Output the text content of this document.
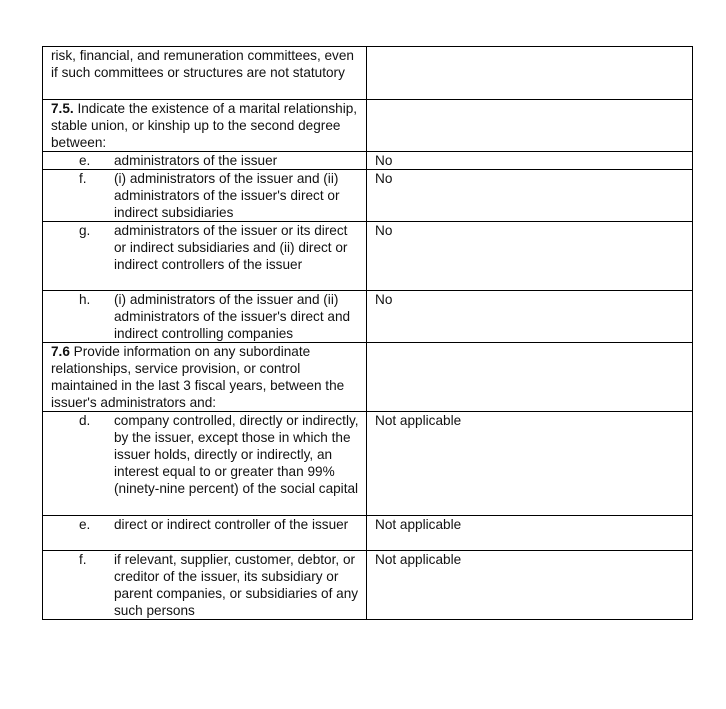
risk, financial, and remuneration committees, even if such committees or structures are not statutory	
7.5. Indicate the existence of a marital relationship, stable union, or kinship up to the second degree between:	

e. administrators of the issuer	No

f. (i) administrators of the issuer and (ii) administrators of the issuer's direct or indirect subsidiaries	No

g. administrators of the issuer or its direct or indirect subsidiaries and (ii) direct or indirect controllers of the issuer	No

h. (i) administrators of the issuer and (ii) administrators of the issuer's direct and indirect controlling companies	No
7.6 Provide information on any subordinate relationships, service provision, or control maintained in the last 3 fiscal years, between the issuer's administrators and:	

d. company controlled, directly or indirectly, by the issuer, except those in which the issuer holds, directly or indirectly, an interest equal to or greater than 99% (ninety-nine percent) of the social capital	Not applicable

e. direct or indirect controller of the issuer	Not applicable

f. if relevant, supplier, customer, debtor, or creditor of the issuer, its subsidiary or parent companies, or subsidiaries of any such persons	Not applicable
